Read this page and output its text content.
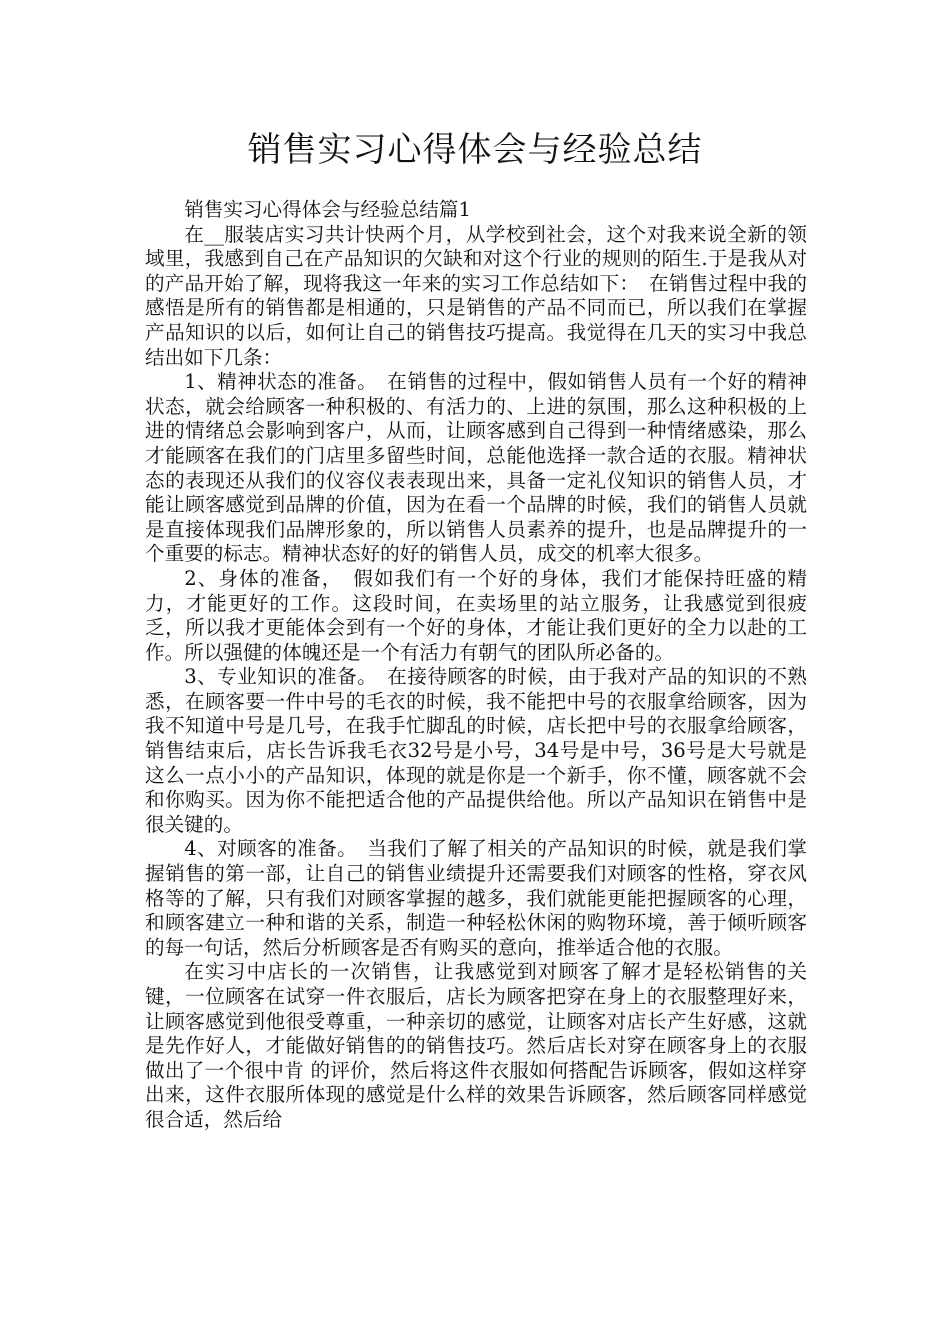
销售实习心得体会与经验总结

销售实习心得体会与经验总结篇1

在__服装店实习共计快两个月，从学校到社会，这个对我来说全新的领域里，我感到自己在产品知识的欠缺和对这个行业的规则的陌生.于是我从对的产品开始了解，现将我这一年来的实习工作总结如下：　在销售过程中我的感悟是所有的销售都是相通的，只是销售的产品不同而已，所以我们在掌握产品知识的以后，如何让自己的销售技巧提高。我觉得在几天的实习中我总结出如下几条：

1、精神状态的准备。　在销售的过程中，假如销售人员有一个好的精神状态，就会给顾客一种积极的、有活力的、上进的氛围，那么这种积极的上进的情绪总会影响到客户，从而，让顾客感到自己得到一种情绪感染，那么才能顾客在我们的门店里多留些时间，总能他选择一款合适的衣服。精神状态的表现还从我们的仪容仪表表现出来，具备一定礼仪知识的销售人员，才能让顾客感觉到品牌的价值，因为在看一个品牌的时候，我们的销售人员就是直接体现我们品牌形象的，所以销售人员素养的提升，也是品牌提升的一个重要的标志。精神状态好的好的销售人员，成交的机率大很多。

2、身体的准备，　假如我们有一个好的身体，我们才能保持旺盛的精力，才能更好的工作。这段时间，在卖场里的站立服务，让我感觉到很疲乏，所以我才更能体会到有一个好的身体，才能让我们更好的全力以赴的工作。所以强健的体魄还是一个有活力有朝气的团队所必备的。

3、专业知识的准备。　在接待顾客的时候，由于我对产品的知识的不熟悉，在顾客要一件中号的毛衣的时候，我不能把中号的衣服拿给顾客，因为我不知道中号是几号，在我手忙脚乱的时候，店长把中号的衣服拿给顾客，销售结束后，店长告诉我毛衣32号是小号，34号是中号，36号是大号就是这么一点小小的产品知识，体现的就是你是一个新手，你不懂，顾客就不会和你购买。因为你不能把适合他的产品提供给他。所以产品知识在销售中是很关键的。

4、对顾客的准备。　当我们了解了相关的产品知识的时候，就是我们掌握销售的第一部，让自己的销售业绩提升还需要我们对顾客的性格，穿衣风格等的了解，只有我们对顾客掌握的越多，我们就能更能把握顾客的心理，和顾客建立一种和谐的关系，制造一种轻松休闲的购物环境，善于倾听顾客的每一句话，然后分析顾客是否有购买的意向，推举适合他的衣服。

在实习中店长的一次销售，让我感觉到对顾客了解才是轻松销售的关键，一位顾客在试穿一件衣服后，店长为顾客把穿在身上的衣服整理好来，让顾客感觉到他很受尊重，一种亲切的感觉，让顾客对店长产生好感，这就是先作好人，才能做好销售的的销售技巧。然后店长对穿在顾客身上的衣服做出了一个很中肯 的评价，然后将这件衣服如何搭配告诉顾客，假如这样穿出来，这件衣服所体现的感觉是什么样的效果告诉顾客，然后顾客同样感觉很合适，然后给
